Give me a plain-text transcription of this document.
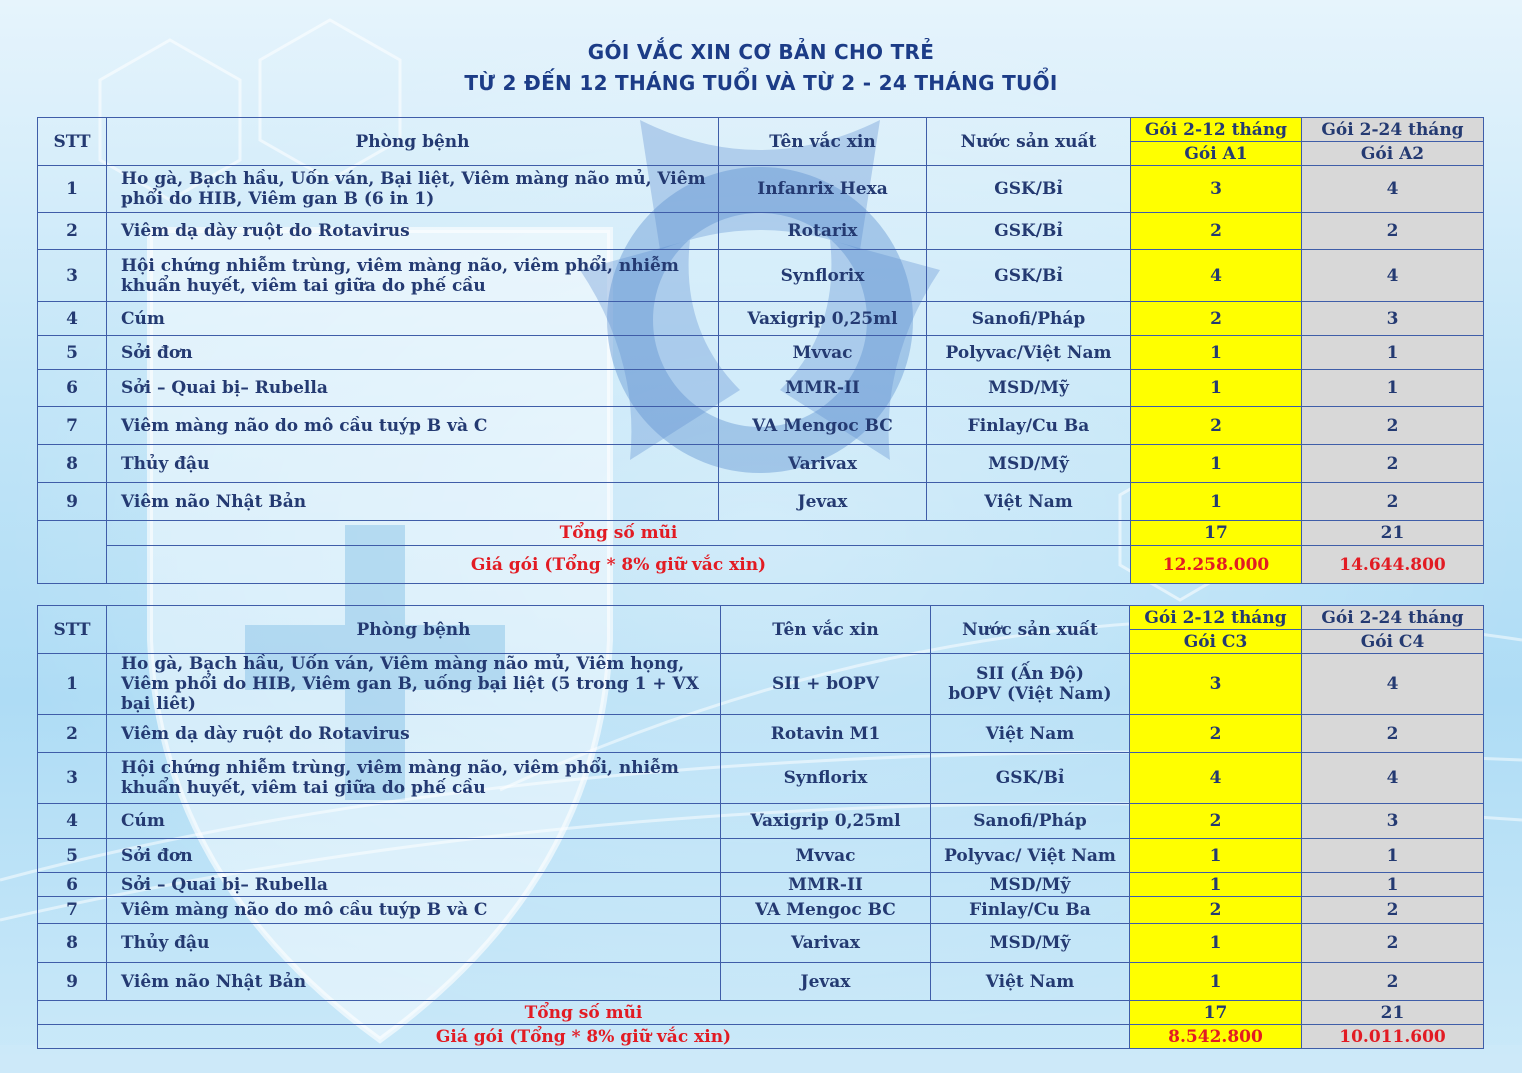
GÓI VẮC XIN CƠ BẢN CHO TRẺ
TỪ 2 ĐẾN 12 THÁNG TUỔI VÀ TỪ 2 - 24 THÁNG TUỔI
STT	Phòng bệnh	Tên vắc xin	Nước sản xuất	Gói 2-12 tháng	Gói 2-24 tháng
				Gói A1	Gói A2
1	Ho gà, Bạch hầu, Uốn ván, Bại liệt, Viêm màng não mủ, Viêm phổi do HIB, Viêm gan B (6 in 1)	Infanrix Hexa	GSK/Bỉ	3	4
2	Viêm dạ dày ruột do Rotavirus	Rotarix	GSK/Bỉ	2	2
3	Hội chứng nhiễm trùng, viêm màng não, viêm phổi, nhiễm khuẩn huyết, viêm tai giữa do phế cầu	Synflorix	GSK/Bỉ	4	4
4	Cúm	Vaxigrip 0,25ml	Sanofi/Pháp	2	3
5	Sởi đơn	Mvvac	Polyvac/Việt Nam	1	1
6	Sởi – Quai bị– Rubella	MMR-II	MSD/Mỹ	1	1
7	Viêm màng não do mô cầu tuýp B và C	VA Mengoc BC	Finlay/Cu Ba	2	2
8	Thủy đậu	Varivax	MSD/Mỹ	1	2
9	Viêm não Nhật Bản	Jevax	Việt Nam	1	2
	Tổng số mũi			17	21
	Giá gói (Tổng * 8% giữ vắc xin)			12.258.000	14.644.800
STT	Phòng bệnh	Tên vắc xin	Nước sản xuất	Gói 2-12 tháng	Gói 2-24 tháng
				Gói C3	Gói C4
1	Ho gà, Bạch hầu, Uốn ván, Viêm màng não mủ, Viêm họng, Viêm phổi do HIB, Viêm gan B, uống bại liệt (5 trong 1 + VX bại liêt)	SII + bOPV	SII (Ấn Độ)
bOPV (Việt Nam)	3	4
2	Viêm dạ dày ruột do Rotavirus	Rotavin M1	Việt Nam	2	2
3	Hội chứng nhiễm trùng, viêm màng não, viêm phổi, nhiễm khuẩn huyết, viêm tai giữa do phế cầu	Synflorix	GSK/Bỉ	4	4
4	Cúm	Vaxigrip 0,25ml	Sanofi/Pháp	2	3
5	Sởi đơn	Mvvac	Polyvac/ Việt Nam	1	1
6	Sởi – Quai bị– Rubella	MMR-II	MSD/Mỹ	1	1
7	Viêm màng não do mô cầu tuýp B và C	VA Mengoc BC	Finlay/Cu Ba	2	2
8	Thủy đậu	Varivax	MSD/Mỹ	1	2
9	Viêm não Nhật Bản	Jevax	Việt Nam	1	2
Tổng số mũi				17	21
Giá gói (Tổng * 8% giữ vắc xin)				8.542.800	10.011.600
